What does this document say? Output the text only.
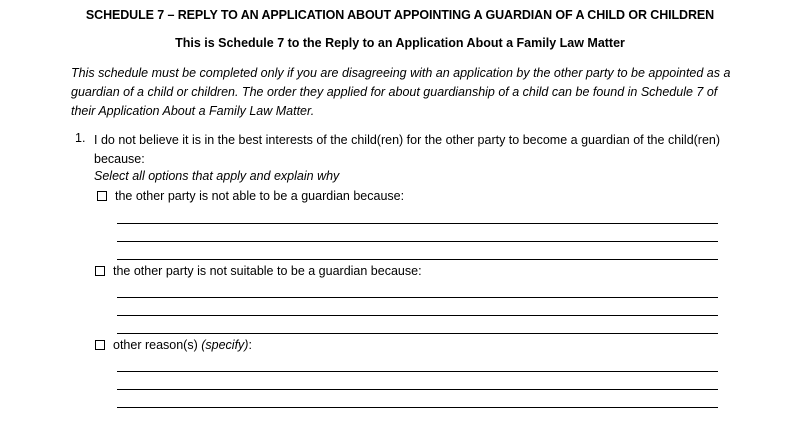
SCHEDULE 7 – REPLY TO AN APPLICATION ABOUT APPOINTING A GUARDIAN OF A CHILD OR CHILDREN
This is Schedule 7 to the Reply to an Application About a Family Law Matter
This schedule must be completed only if you are disagreeing with an application by the other party to be appointed as a guardian of a child or children. The order they applied for about guardianship of a child can be found in Schedule 7 of their Application About a Family Law Matter.
1. I do not believe it is in the best interests of the child(ren) for the other party to become a guardian of the child(ren) because:
Select all options that apply and explain why
the other party is not able to be a guardian because:
the other party is not suitable to be a guardian because:
other reason(s) (specify):
